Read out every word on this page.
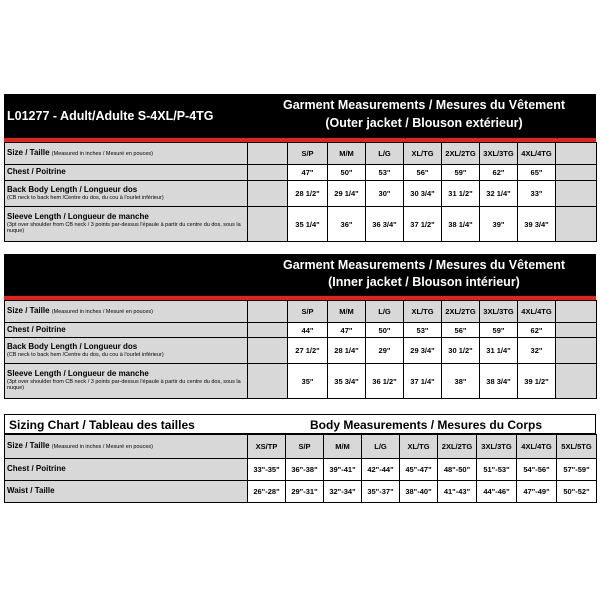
L01277 - Adult/Adulte S-4XL/P-4TG
Garment Measurements / Mesures du Vêtement
(Outer jacket / Blouson extérieur)
Size / Taille (Measured in inches / Mesuré en pouces)		S/P	M/M	L/G	XL/TG	2XL/2TG	3XL/3TG	4XL/4TG	
Chest / Poitrine		47"	50"	53"	56"	59"	62"	65"	
Back Body Length / Longueur dos
(CB neck to back hem /Centre du dos, du cou à l'ourlet inférieur)		28 1/2"	29 1/4"	30"	30 3/4"	31 1/2"	32 1/4"	33"	
Sleeve Length / Longueur de manche
(3pt over shoulder from CB neck / 3 points par-dessus l'épaule à partir du centre du dos, sous la nuque)		35 1/4"	36"	36 3/4"	37 1/2"	38 1/4"	39"	39 3/4"	
Garment Measurements / Mesures du Vêtement
(Inner jacket / Blouson intérieur)
Size / Taille (Measured in inches / Mesuré en pouces)		S/P	M/M	L/G	XL/TG	2XL/2TG	3XL/3TG	4XL/4TG	
Chest / Poitrine		44"	47"	50"	53"	56"	59"	62"	
Back Body Length / Longueur dos
(CB neck to back hem /Centre du dos, du cou à l'ourlet inférieur)		27 1/2"	28 1/4"	29"	29 3/4"	30 1/2"	31 1/4"	32"	
Sleeve Length / Longueur de manche
(3pt over shoulder from CB neck / 3 points par-dessus l'épaule à partir du centre du dos, sous la nuque)		35"	35 3/4"	36 1/2"	37 1/4"	38"	38 3/4"	39 1/2"	
Sizing Chart / Tableau des tailles	Body Measurements / Mesures du Corps
Size / Taille (Measured in inches / Mesuré en pouces)	XS/TP	S/P	M/M	L/G	XL/TG	2XL/2TG	3XL/3TG	4XL/4TG	5XL/5TG
Chest / Poitrine	33"-35"	36"-38"	39"-41"	42"-44"	45"-47"	48"-50"	51"-53"	54"-56"	57"-59"
Waist / Taille	26"-28"	29"-31"	32"-34"	35"-37"	38"-40"	41"-43"	44"-46"	47"-49"	50"-52"
